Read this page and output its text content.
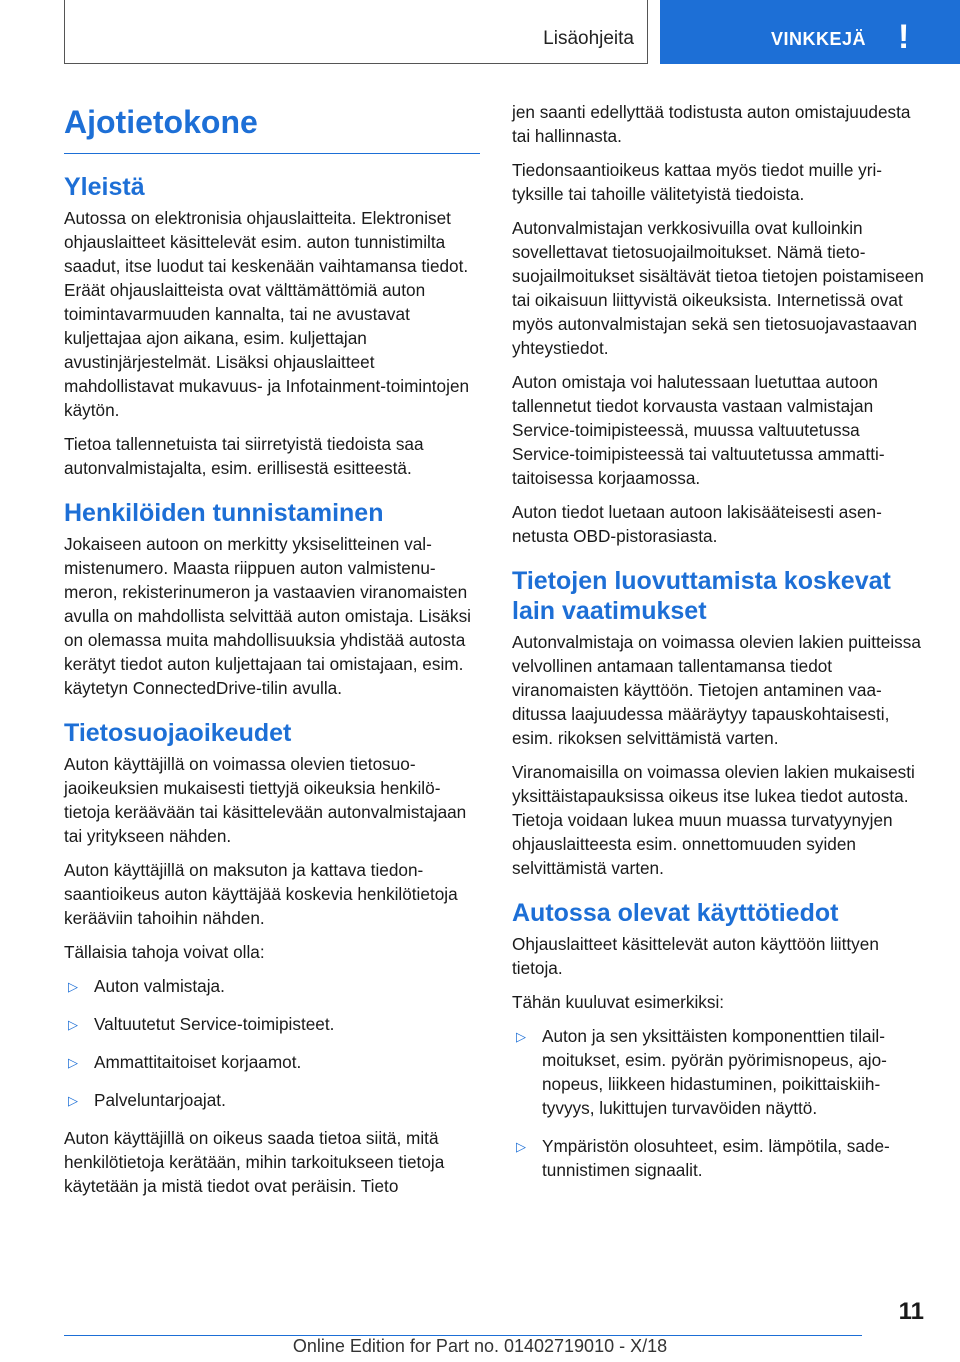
Lisäohjeita	VINKKEJÄ !
Ajotietokone
Yleistä

Autossa on elektronisia ohjauslaitteita. Elektroniset ohjauslaitteet käsittelevät esim. auton tunnistimilta saadut, itse luodut tai keskenään vaihtamansa tiedot. Eräät ohjauslaitteista ovat välttämättömiä auton toimintavarmuuden kannalta, tai ne avustavat kuljettajaa ajon aikana, esim. kuljettajan avustinjärjestelmät. Lisäksi ohjauslaitteet mahdollistavat mukavuus- ja Infotainment-toimintojen käytön.

Tietoa tallennetuista tai siirretyistä tiedoista saa autonvalmistajalta, esim. erillisestä esitteestä.

Henkilöiden tunnistaminen

Jokaiseen autoon on merkitty yksiselitteinen valmistenumero. Maasta riippuen auton valmistenumeron, rekisterinumeron ja vastaavien viranomaisten avulla on mahdollista selvittää auton omistaja. Lisäksi on olemassa muita mahdollisuuksia yhdistää autosta kerätyt tiedot auton kuljettajaan tai omistajaan, esim. käytetyn ConnectedDrive-tilin avulla.

Tietosuojaoikeudet

Auton käyttäjillä on voimassa olevien tietosuojaoikeuksien mukaisesti tiettyjä oikeuksia henkilötietoja keräävään tai käsittelevään autonvalmistajaan tai yritykseen nähden.

Auton käyttäjillä on maksuton ja kattava tiedonsaantioikeus auton käyttäjää koskevia henkilötietoja kerääviin tahoihin nähden.

Tällaisia tahoja voivat olla:

▷ Auton valmistaja.
▷ Valtuutetut Service-toimipisteet.
▷ Ammattitaitoiset korjaamot.
▷ Palveluntarjoajat.

Auton käyttäjillä on oikeus saada tietoa siitä, mitä henkilötietoja kerätään, mihin tarkoitukseen tietoja käytetään ja mistä tiedot ovat peräisin. Tieto

jen saanti edellyttää todistusta auton omistajuudesta tai hallinnasta.

Tiedonsaantioikeus kattaa myös tiedot muille yrityksille tai tahoille välitetyistä tiedoista.

Autonvalmistajan verkkosivuilla ovat kulloinkin sovellettavat tietosuojailmoitukset. Nämä tietosuojailmoitukset sisältävät tietoa tietojen poistamiseen tai oikaisuun liittyvistä oikeuksista. Internetissä ovat myös autonvalmistajan sekä sen tietosuojavastaavan yhteystiedot.

Auton omistaja voi halutessaan luetuttaa autoon tallennetut tiedot korvausta vastaan valmistajan Service-toimipisteessä, muussa valtuutetussa Service-toimipisteessä tai valtuutetussa ammattitaitoisessa korjaamossa.

Auton tiedot luetaan autoon lakisääteisesti asennetusta OBD-pistorasiasta.

Tietojen luovuttamista koskevat lain vaatimukset

Autonvalmistaja on voimassa olevien lakien puitteissa velvollinen antamaan tallentamansa tiedot viranomaisten käyttöön. Tietojen antaminen vaaditussa laajuudessa määräytyy tapauskohtaisesti, esim. rikoksen selvittämistä varten.

Viranomaisilla on voimassa olevien lakien mukaisesti yksittäistapauksissa oikeus itse lukea tiedot autosta. Tietoja voidaan lukea muun muassa turvatyynyjen ohjauslaitteesta esim. onnettomuuden syiden selvittämistä varten.

Autossa olevat käyttötiedot

Ohjauslaitteet käsittelevät auton käyttöön liittyen tietoja.

Tähän kuuluvat esimerkiksi:

▷ Auton ja sen yksittäisten komponenttien tilailmoitukset, esim. pyörän pyörimisnopeus, ajonopeus, liikkeen hidastuminen, poikittaiskiihtyvyys, lukittujen turvavöiden näyttö.
▷ Ympäristön olosuhteet, esim. lämpötila, sadetunnistimen signaalit.
11
Online Edition for Part no. 01402719010 - X/18
